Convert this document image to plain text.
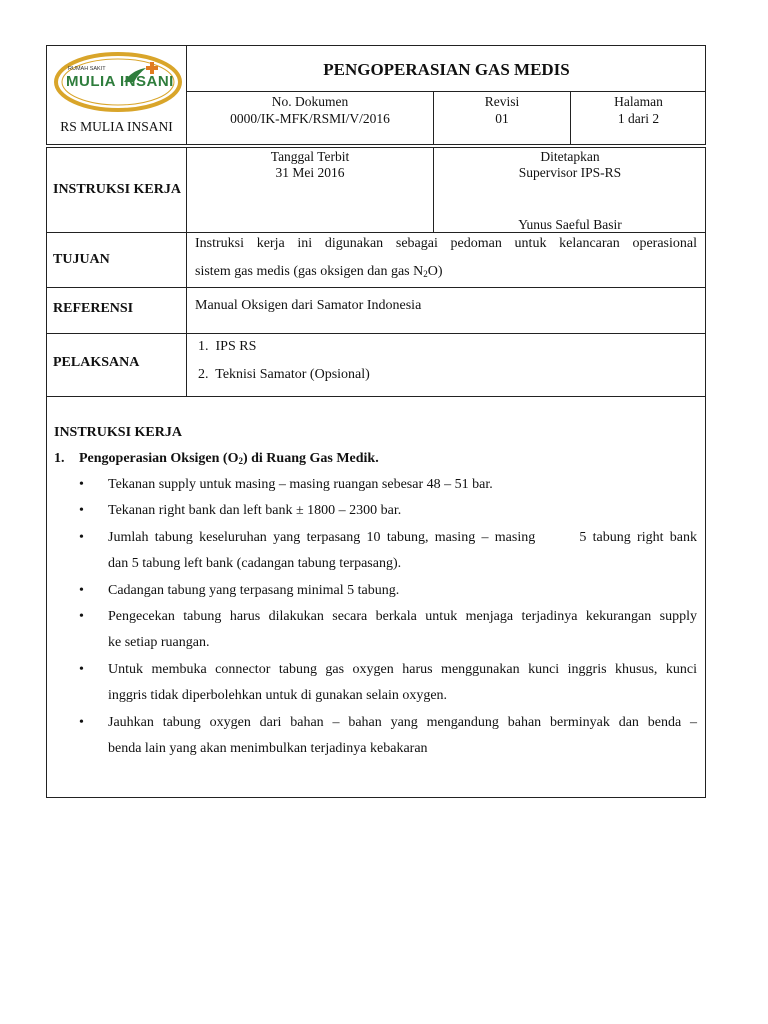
RUMAH SAKIT
MULIA INSANI
RS MULIA INSANI
PENGOPERASIAN GAS MEDIS
No. Dokumen
0000/IK-MFK/RSMI/V/2016
Revisi
01
Halaman
1 dari 2
INSTRUKSI KERJA
Tanggal Terbit
31 Mei 2016
Ditetapkan
Supervisor IPS-RS
Yunus Saeful Basir
TUJUAN
Instruksi kerja ini digunakan sebagai pedoman untuk kelancaran operasional
sistem gas medis (gas oksigen dan gas $N_2O$)
REFERENSI	Manual Oksigen dari Samator Indonesia
PELAKSANA
1.  IPS RS
2.  Teknisi Samator (Opsional)
INSTRUKSI KERJA
1. Pengoperasian Oksigen $(O_2)$ di Ruang Gas Medik.
• Tekanan supply untuk masing – masing ruangan sebesar 48 – 51 bar.
• Tekanan right bank dan left bank ± 1800 – 2300 bar.
• Jumlah tabung keseluruhan yang terpasang 10 tabung, masing – masing       5 tabung right bank
dan 5 tabung left bank (cadangan tabung terpasang).
• Cadangan tabung yang terpasang minimal 5 tabung.
• Pengecekan tabung harus dilakukan secara berkala untuk menjaga terjadinya kekurangan supply
ke setiap ruangan.
• Untuk membuka connector tabung gas oxygen harus menggunakan kunci inggris khusus, kunci
inggris tidak diperbolehkan untuk di gunakan selain oxygen.
• Jauhkan tabung oxygen dari bahan – bahan yang mengandung bahan berminyak dan benda –
benda lain yang akan menimbulkan terjadinya kebakaran
